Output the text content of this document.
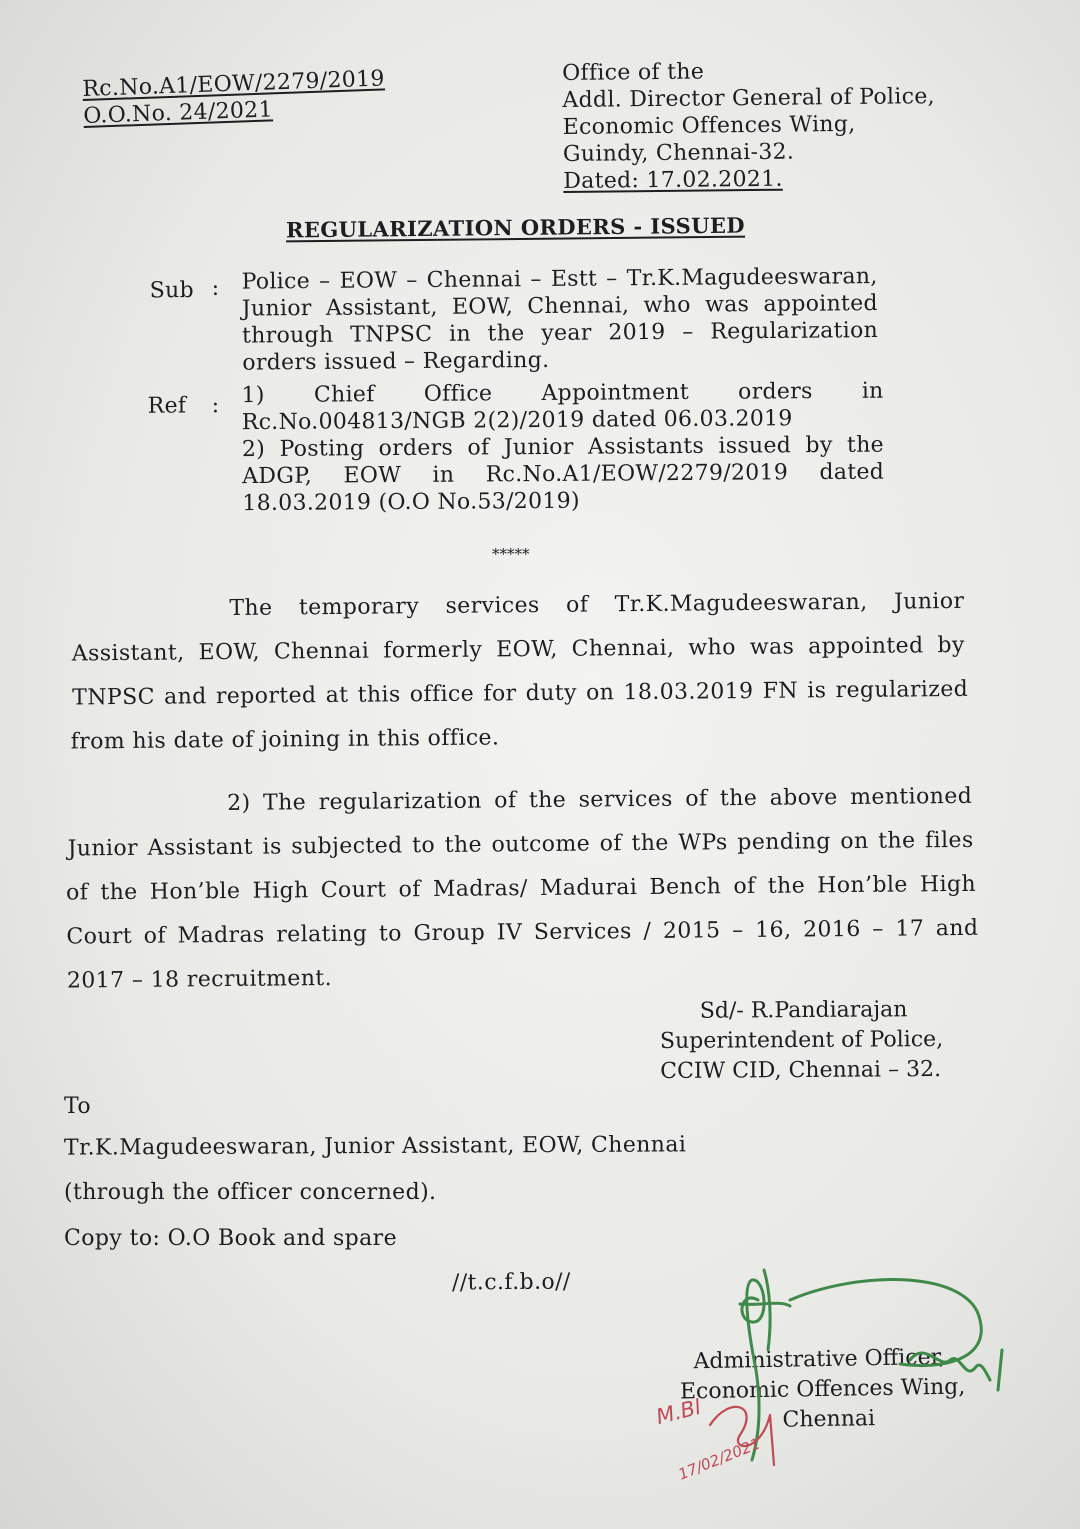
Rc.No.A1/EOW/2279/2019
O.O.No. 24/2021
Office of the
Addl. Director General of Police,
Economic Offences Wing,
Guindy, Chennai-32.
Dated: 17.02.2021.
REGULARIZATION ORDERS - ISSUED
Sub : Police – EOW – Chennai – Estt – Tr.K.Magudeeswaran,
Junior Assistant, EOW, Chennai, who was appointed
through TNPSC in the year 2019 – Regularization
orders issued – Regarding.
Ref : 1) Chief Office Appointment orders in
Rc.No.004813/NGB 2(2)/2019 dated 06.03.2019
2) Posting orders of Junior Assistants issued by the
ADGP, EOW in Rc.No.A1/EOW/2279/2019 dated
18.03.2019 (O.O No.53/2019)
*****
The temporary services of Tr.K.Magudeeswaran, Junior
Assistant, EOW, Chennai formerly EOW, Chennai, who was appointed by
TNPSC and reported at this office for duty on 18.03.2019 FN is regularized
from his date of joining in this office.
2) The regularization of the services of the above mentioned
Junior Assistant is subjected to the outcome of the WPs pending on the files
of the Hon’ble High Court of Madras/ Madurai Bench of the Hon’ble High
Court of Madras relating to Group IV Services / 2015 – 16, 2016 – 17 and
2017 – 18 recruitment.
Sd/- R.Pandiarajan
Superintendent of Police,
CCIW CID, Chennai – 32.
To
Tr.K.Magudeeswaran, Junior Assistant, EOW, Chennai
(through the officer concerned).
Copy to: O.O Book and spare
//t.c.f.b.o//
Administrative Officer,
Economic Offences Wing,
Chennai
M.Bl
17/02/2021
